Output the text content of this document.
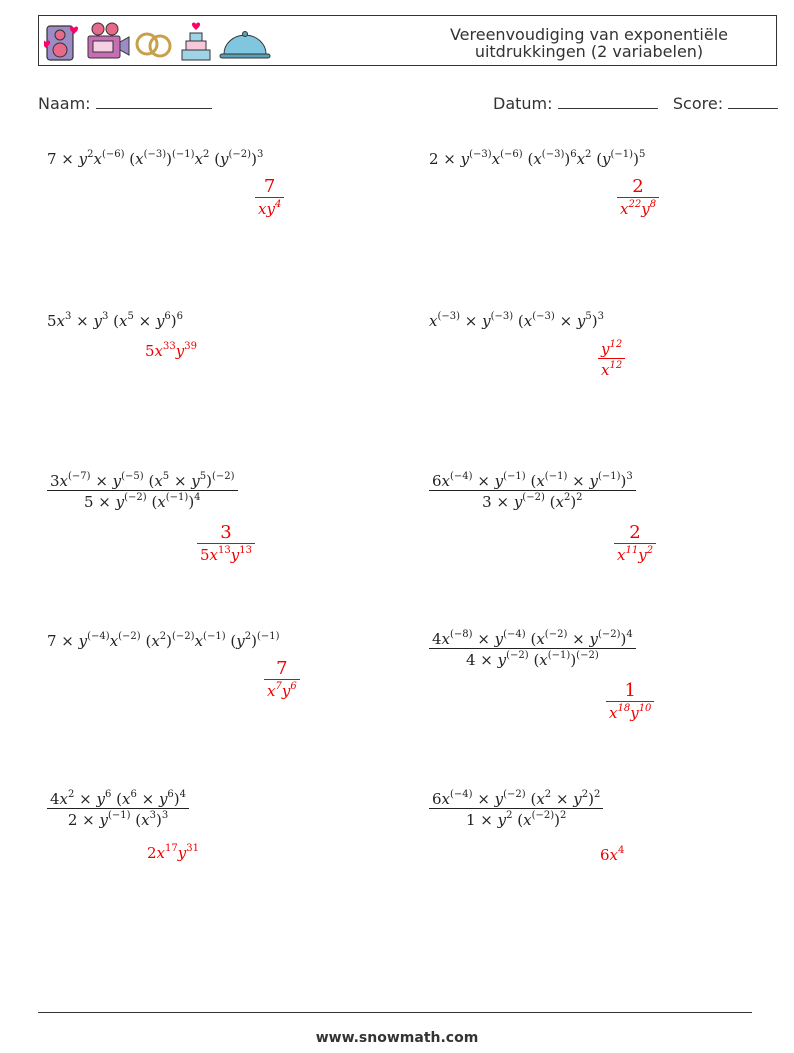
Vereenvoudiging van exponentiële
uitdrukkingen (2 variabelen)
Naam:	Datum:	Score:
$7 \times y^2x^{(-6)}$ $(x^{(-3)})^{(-1)}x^2$ $(y^{(-2)})^3$
$\frac{7}{xy^4}$
$2 \times y^{(-3)}x^{(-6)}$ $(x^{(-3)})^6x^2$ $(y^{(-1)})^5$
$\frac{2}{x^{22}y^8}$
$5x^3 \times y^3$ $(x^5 \times y^6)^6$
$5x^{33}y^{39}$
$x^{(-3)} \times y^{(-3)}$ $(x^{(-3)} \times y^5)^3$
$\frac{y^{12}}{x^{12}}$
$\frac{3x^{(-7)} \times y^{(-5)} (x^5 \times y^5)^{(-2)}}{5 \times y^{(-2)} (x^{(-1)})^4}$
$\frac{3}{5x^{13}y^{13}}$
$\frac{6x^{(-4)} \times y^{(-1)} (x^{(-1)} \times y^{(-1)})^3}{3 \times y^{(-2)} (x^2)^2}$
$\frac{2}{x^{11}y^2}$
$7 \times y^{(-4)}x^{(-2)}$ $(x^2)^{(-2)}x^{(-1)}$ $(y^2)^{(-1)}$
$\frac{7}{x^7y^6}$
$\frac{4x^{(-8)} \times y^{(-4)} (x^{(-2)} \times y^{(-2)})^4}{4 \times y^{(-2)} (x^{(-1)})^{(-2)}}$
$\frac{1}{x^{18}y^{10}}$
$\frac{4x^2 \times y^6 (x^6 \times y^6)^4}{2 \times y^{(-1)} (x^3)^3}$
$2x^{17}y^{31}$
$\frac{6x^{(-4)} \times y^{(-2)} (x^2 \times y^2)^2}{1 \times y^2 (x^{(-2)})^2}$
$6x^4$
www.snowmath.com
